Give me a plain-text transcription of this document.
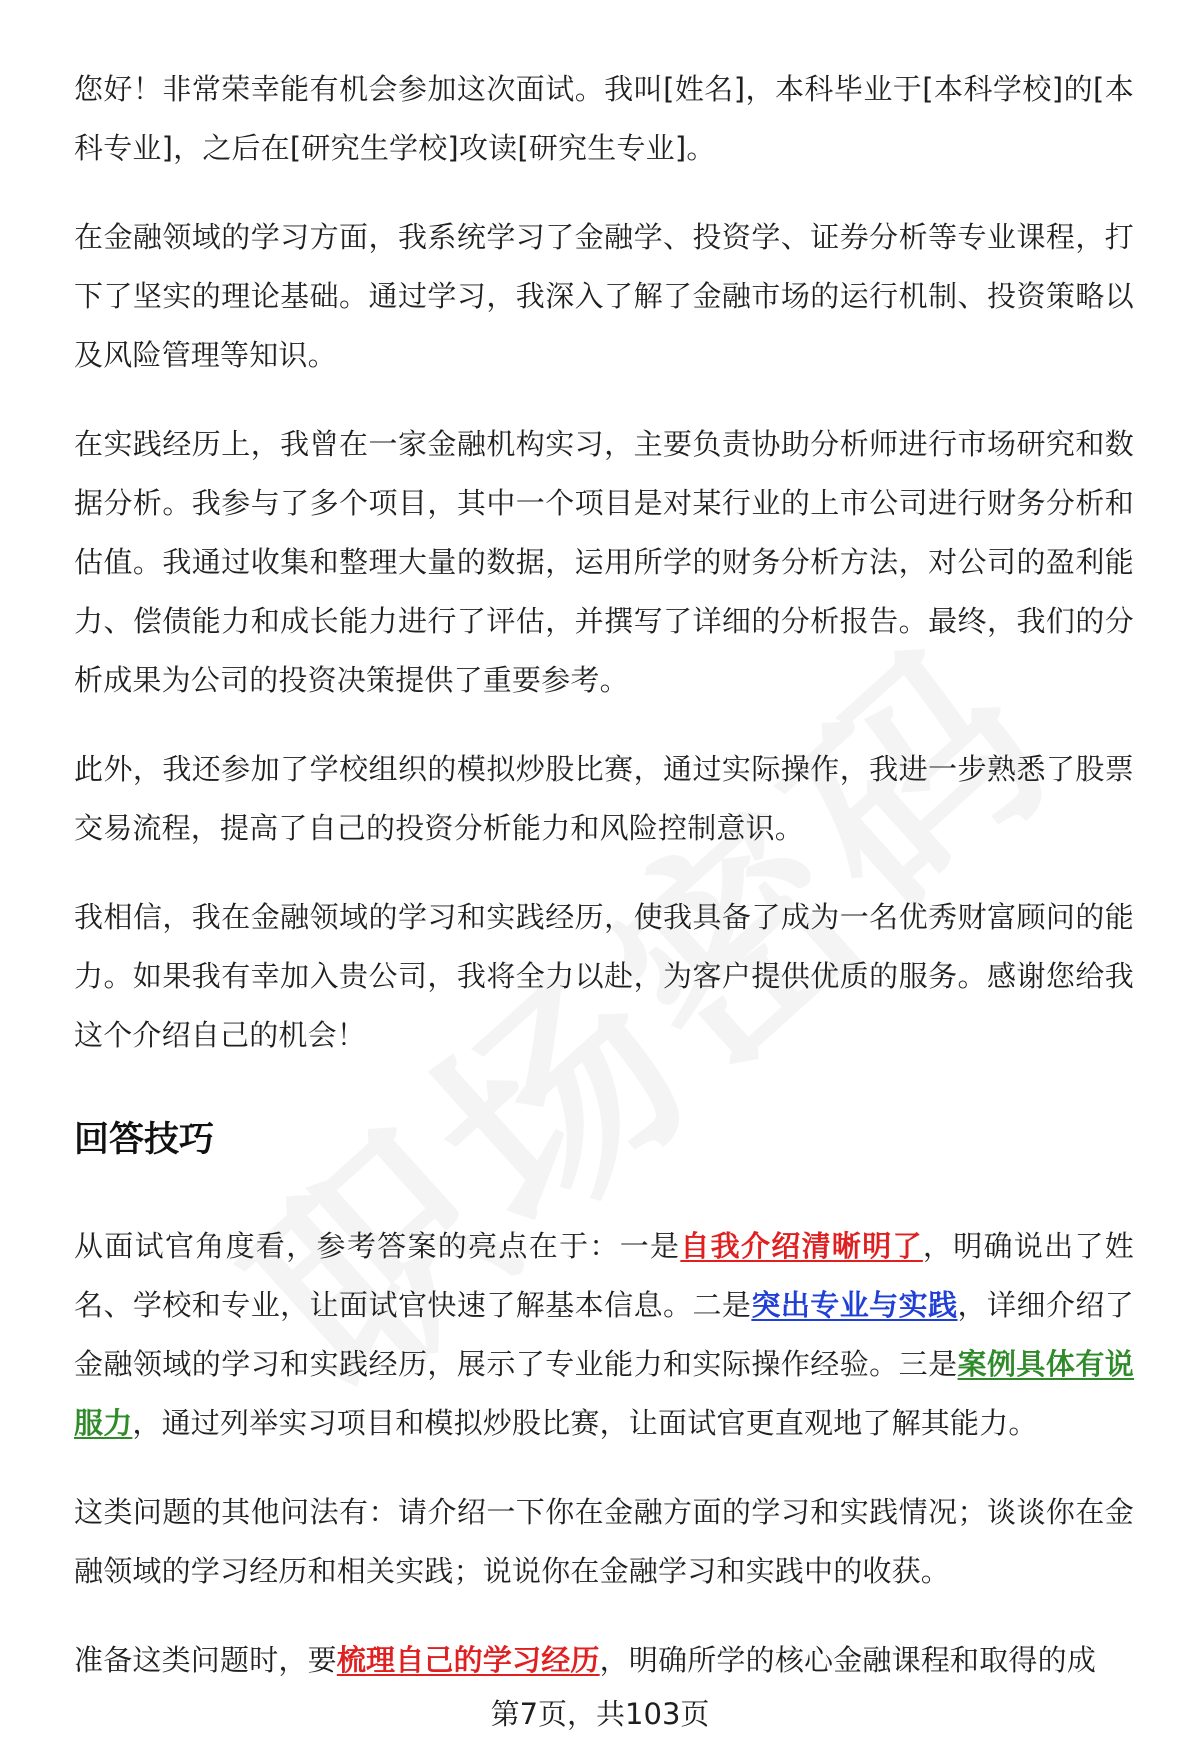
您好！非常荣幸能有机会参加这次面试。我叫[姓名]，本科毕业于[本科学校]的[本科专业]，之后在[研究生学校]攻读[研究生专业]。

在金融领域的学习方面，我系统学习了金融学、投资学、证券分析等专业课程，打下了坚实的理论基础。通过学习，我深入了解了金融市场的运行机制、投资策略以及风险管理等知识。

在实践经历上，我曾在一家金融机构实习，主要负责协助分析师进行市场研究和数据分析。我参与了多个项目，其中一个项目是对某行业的上市公司进行财务分析和估值。我通过收集和整理大量的数据，运用所学的财务分析方法，对公司的盈利能力、偿债能力和成长能力进行了评估，并撰写了详细的分析报告。最终，我们的分析成果为公司的投资决策提供了重要参考。

此外，我还参加了学校组织的模拟炒股比赛，通过实际操作，我进一步熟悉了股票交易流程，提高了自己的投资分析能力和风险控制意识。

我相信，我在金融领域的学习和实践经历，使我具备了成为一名优秀财富顾问的能力。如果我有幸加入贵公司，我将全力以赴，为客户提供优质的服务。感谢您给我这个介绍自己的机会！

回答技巧

从面试官角度看，参考答案的亮点在于：一是自我介绍清晰明了，明确说出了姓名、学校和专业，让面试官快速了解基本信息。二是突出专业与实践，详细介绍了金融领域的学习和实践经历，展示了专业能力和实际操作经验。三是案例具体有说服力，通过列举实习项目和模拟炒股比赛，让面试官更直观地了解其能力。

这类问题的其他问法有：请介绍一下你在金融方面的学习和实践情况；谈谈你在金融领域的学习经历和相关实践；说说你在金融学习和实践中的收获。

准备这类问题时，要梳理自己的学习经历，明确所学的核心金融课程和取得的成

第7页，共103页
